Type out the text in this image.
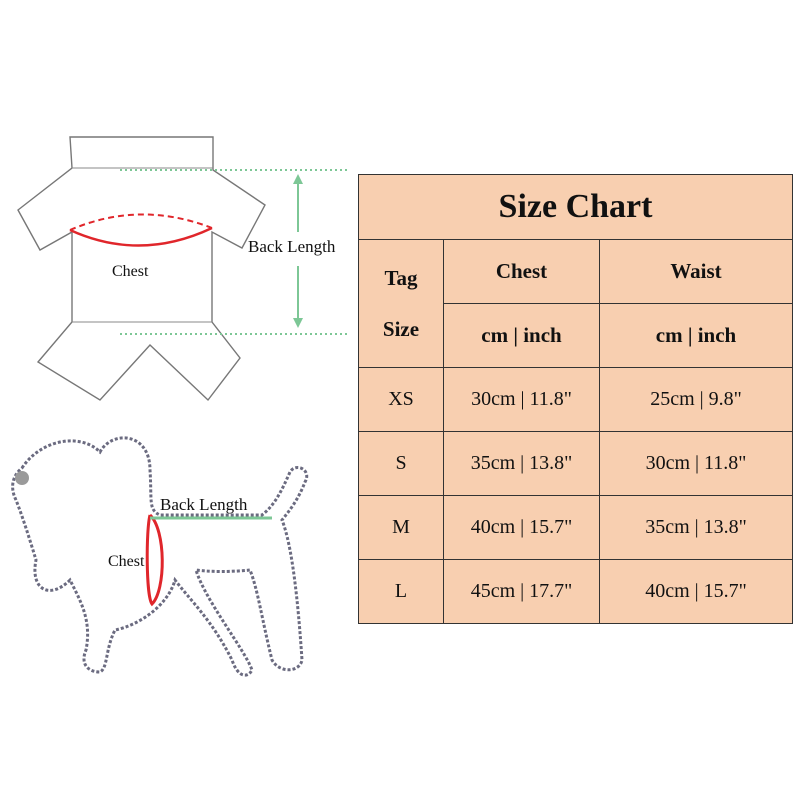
Back Length
Chest
Back Length
Chest
Size Chart		

Tag
Size	Chest	Waist
	cm | inch	cm | inch
XS	30cm | 11.8"	25cm | 9.8"
S	35cm | 13.8"	30cm | 11.8"
M	40cm | 15.7"	35cm | 13.8"
L	45cm | 17.7"	40cm | 15.7"
